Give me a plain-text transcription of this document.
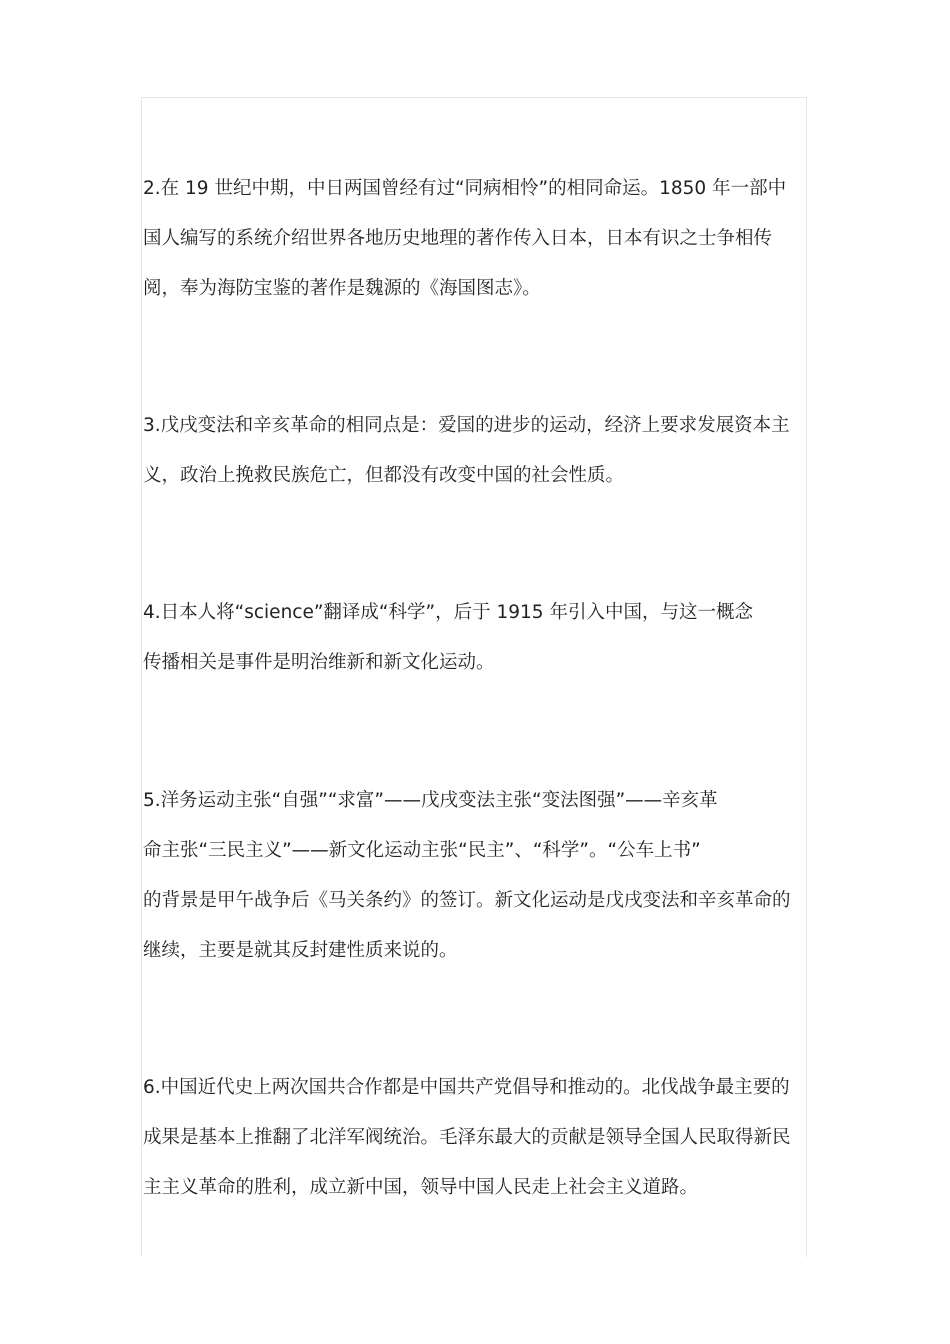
2.在 19 世纪中期，中日两国曾经有过“同病相怜”的相同命运。1850 年一部中
国人编写的系统介绍世界各地历史地理的著作传入日本，日本有识之士争相传
阅，奉为海防宝鉴的著作是魏源的《海国图志》。
3.戊戌变法和辛亥革命的相同点是：爱国的进步的运动，经济上要求发展资本主
义，政治上挽救民族危亡，但都没有改变中国的社会性质。
4.日本人将“science”翻译成“科学”，后于 1915 年引入中国，与这一概念
传播相关是事件是明治维新和新文化运动。
5.洋务运动主张“自强”“求富”——戊戌变法主张“变法图强”——辛亥革
命主张“三民主义”——新文化运动主张“民主”、“科学”。“公车上书”
的背景是甲午战争后《马关条约》的签订。新文化运动是戊戌变法和辛亥革命的
继续，主要是就其反封建性质来说的。
6.中国近代史上两次国共合作都是中国共产党倡导和推动的。北伐战争最主要的
成果是基本上推翻了北洋军阀统治。毛泽东最大的贡献是领导全国人民取得新民
主主义革命的胜利，成立新中国，领导中国人民走上社会主义道路。
